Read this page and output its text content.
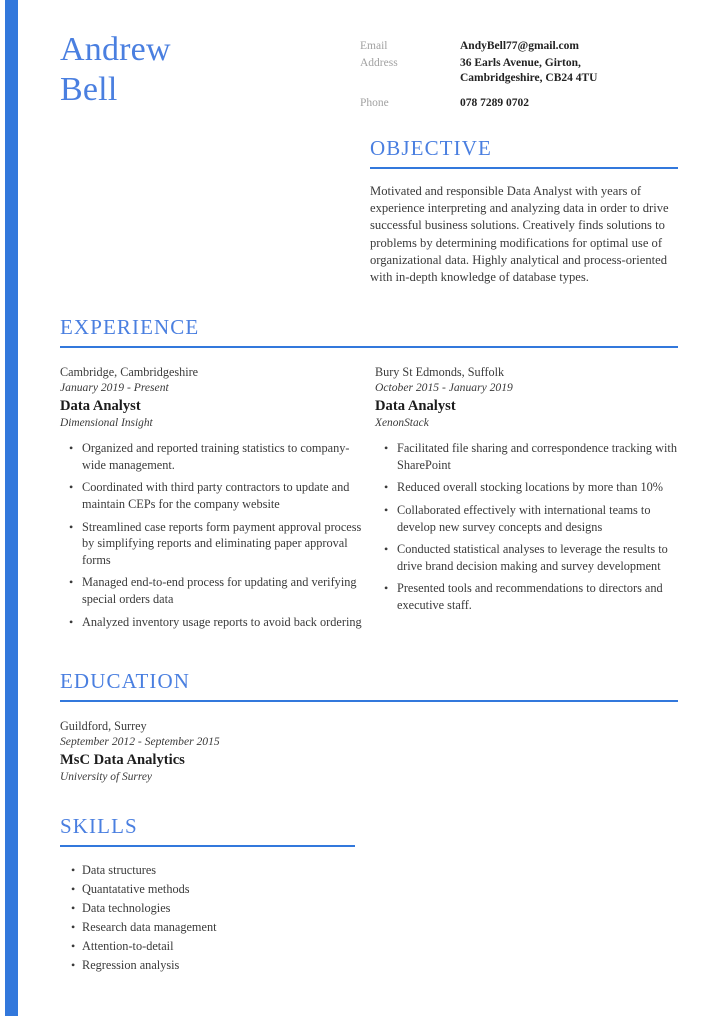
Andrew
Bell
Email	AndyBell77@gmail.com
Address	36 Earls Avenue, Girton, Cambridgeshire, CB24 4TU
Phone	078 7289 0702
OBJECTIVE
Motivated and responsible Data Analyst with years of experience interpreting and analyzing data in order to drive successful business solutions. Creatively finds solutions to problems by determining modifications for optimal use of organizational data. Highly analytical and process-oriented with in-depth knowledge of database types.
EXPERIENCE
Cambridge, Cambridgeshire
January 2019 - Present
Data Analyst
Dimensional Insight
• Organized and reported training statistics to company-wide management.
• Coordinated with third party contractors to update and maintain CEPs for the company website
• Streamlined case reports form payment approval process by simplifying reports and eliminating paper approval forms
• Managed end-to-end process for updating and verifying special orders data
• Analyzed inventory usage reports to avoid back ordering
Bury St Edmonds, Suffolk
October 2015 - January 2019
Data Analyst
XenonStack
• Facilitated file sharing and correspondence tracking with SharePoint
• Reduced overall stocking locations by more than 10%
• Collaborated effectively with international teams to develop new survey concepts and designs
• Conducted statistical analyses to leverage the results to drive brand decision making and survey development
• Presented tools and recommendations to directors and executive staff.
EDUCATION
Guildford, Surrey
September 2012 - September 2015
MsC Data Analytics
University of Surrey
SKILLS
• Data structures
• Quantatative methods
• Data technologies
• Research data management
• Attention-to-detail
• Regression analysis
